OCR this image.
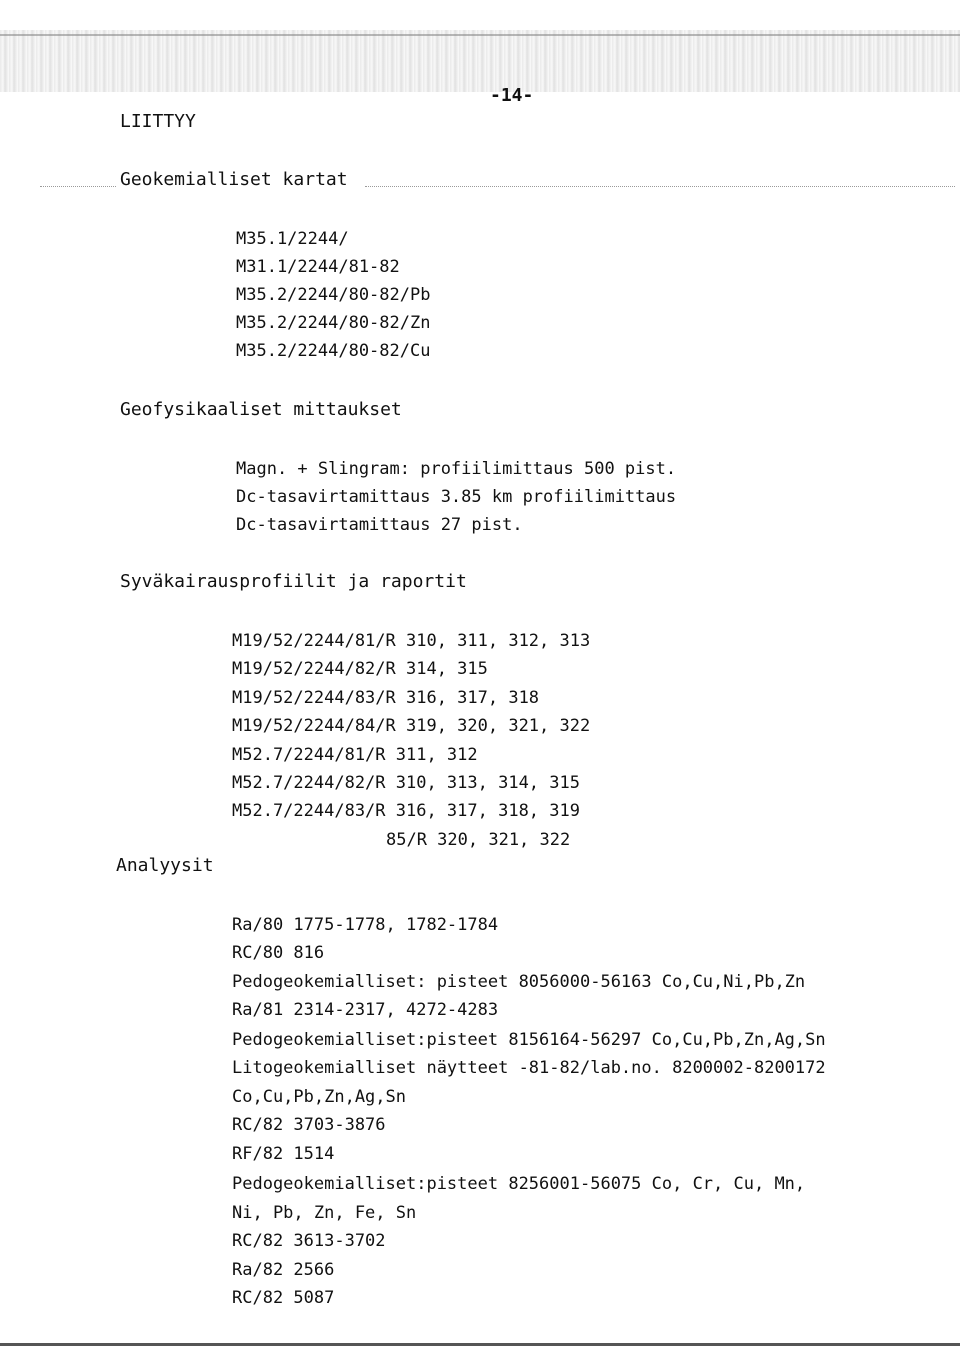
-14-
LIITTYY
Geokemialliset kartat
M35.1/2244/
M31.1/2244/81-82
M35.2/2244/80-82/Pb
M35.2/2244/80-82/Zn
M35.2/2244/80-82/Cu
Geofysikaaliset mittaukset
Magn. + Slingram: profiilimittaus 500 pist.
Dc-tasavirtamittaus 3.85 km profiilimittaus
Dc-tasavirtamittaus 27 pist.
Syväkairausprofiilit ja raportit
M19/52/2244/81/R 310, 311, 312, 313
M19/52/2244/82/R 314, 315
M19/52/2244/83/R 316, 317, 318
M19/52/2244/84/R 319, 320, 321, 322
M52.7/2244/81/R 311, 312
M52.7/2244/82/R 310, 313, 314, 315
M52.7/2244/83/R 316, 317, 318, 319
85/R 320, 321, 322
Analyysit
Ra/80 1775-1778, 1782-1784
RC/80 816
Pedogeokemialliset: pisteet 8056000-56163 Co,Cu,Ni,Pb,Zn
Ra/81 2314-2317, 4272-4283
Pedogeokemialliset:pisteet 8156164-56297 Co,Cu,Pb,Zn,Ag,Sn
Litogeokemialliset näytteet -81-82/lab.no. 8200002-8200172
Co,Cu,Pb,Zn,Ag,Sn
RC/82 3703-3876
RF/82 1514
Pedogeokemialliset:pisteet 8256001-56075 Co, Cr, Cu, Mn,
Ni, Pb, Zn, Fe, Sn
RC/82 3613-3702
Ra/82 2566
RC/82 5087
